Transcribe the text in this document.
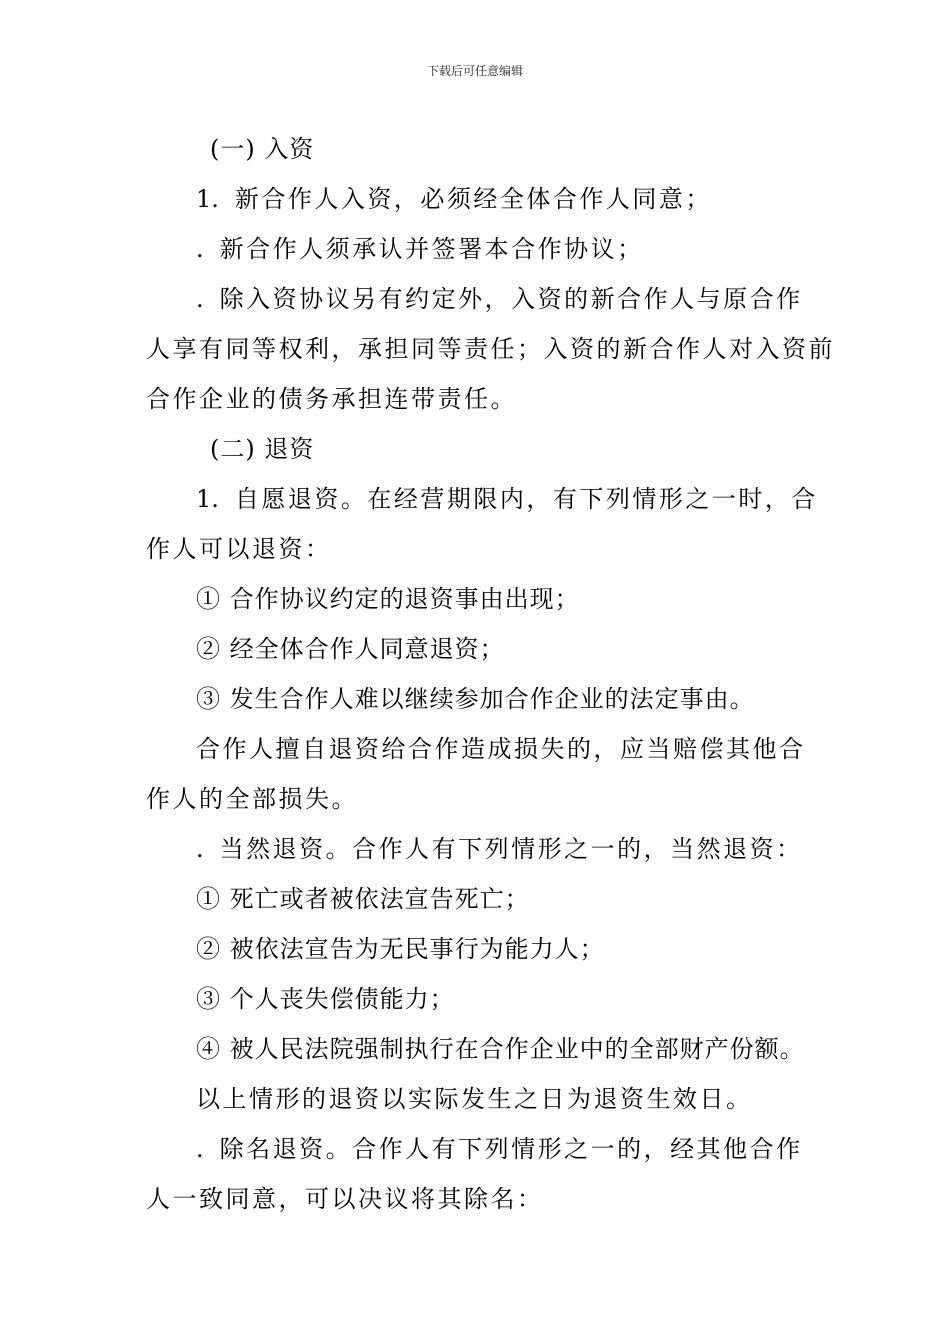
下载后可任意编辑
(一) 入资
1. 新合作人入资，必须经全体合作人同意；
. 新合作人须承认并签署本合作协议；
. 除入资协议另有约定外，入资的新合作人与原合作
人享有同等权利，承担同等责任；入资的新合作人对入资前
合作企业的债务承担连带责任。
(二) 退资
1. 自愿退资。在经营期限内，有下列情形之一时，合
作人可以退资：
① 合作协议约定的退资事由出现；
② 经全体合作人同意退资；
③ 发生合作人难以继续参加合作企业的法定事由。
合作人擅自退资给合作造成损失的，应当赔偿其他合
作人的全部损失。
. 当然退资。合作人有下列情形之一的，当然退资：
① 死亡或者被依法宣告死亡；
② 被依法宣告为无民事行为能力人；
③ 个人丧失偿债能力；
④ 被人民法院强制执行在合作企业中的全部财产份额。
以上情形的退资以实际发生之日为退资生效日。
. 除名退资。合作人有下列情形之一的，经其他合作
人一致同意，可以决议将其除名：
